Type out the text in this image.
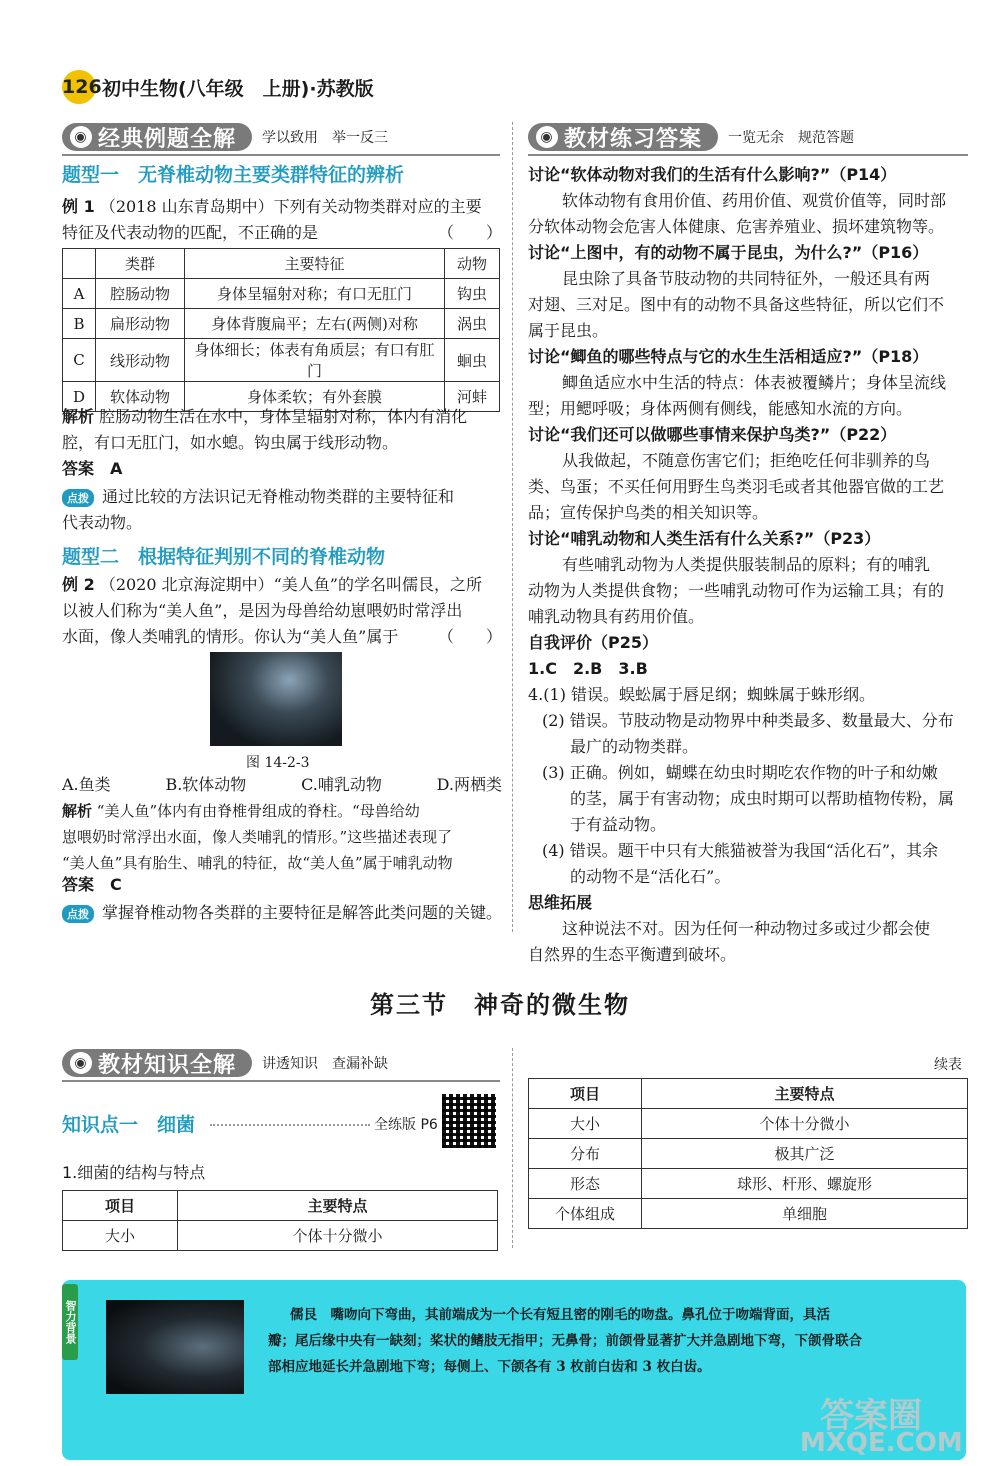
126 初中生物(八年级　上册)·苏教版
◉ 经典例题全解 学以致用　举一反三
题型一　无脊椎动物主要类群特征的辨析
例 1 （2018 山东青岛期中）下列有关动物类群对应的主要
特征及代表动物的匹配，不正确的是	（　　）
	类群	主要特征	动物
A	腔肠动物	身体呈辐射对称；有口无肛门	钩虫
B	扁形动物	身体背腹扁平；左右(两侧)对称	涡虫
C	线形动物	身体细长；体表有角质层；有口有肛门	蛔虫
D	软体动物	身体柔软；有外套膜	河蚌
解析 腔肠动物生活在水中，身体呈辐射对称，体内有消化
腔，有口无肛门，如水螅。钩虫属于线形动物。
答案　 A
点拨 通过比较的方法识记无脊椎动物类群的主要特征和
代表动物。
题型二　根据特征判别不同的脊椎动物
例 2 （2020 北京海淀期中）“美人鱼”的学名叫儒艮，之所
以被人们称为“美人鱼”，是因为母兽给幼崽喂奶时常浮出
水面，像人类哺乳的情形。你认为“美人鱼”属于 （　　）
图 14-2-3
A.鱼类	B.软体动物	C.哺乳动物	D.两栖类
解析 “美人鱼”体内有由脊椎骨组成的脊柱。“母兽给幼
崽喂奶时常浮出水面，像人类哺乳的情形。”这些描述表现了
“美人鱼”具有胎生、哺乳的特征，故“美人鱼”属于哺乳动物
答案　 C
点拨 掌握脊椎动物各类群的主要特征是解答此类问题的关键。
◉ 教材练习答案 一览无余　规范答题
讨论“软体动物对我们的生活有什么影响?”（P14）
软体动物有食用价值、药用价值、观赏价值等，同时部
分软体动物会危害人体健康、危害养殖业、损坏建筑物等。
讨论“上图中，有的动物不属于昆虫，为什么?”（P16）
昆虫除了具备节肢动物的共同特征外，一般还具有两
对翅、三对足。图中有的动物不具备这些特征，所以它们不
属于昆虫。
讨论“鲫鱼的哪些特点与它的水生生活相适应?”（P18）
鲫鱼适应水中生活的特点：体表被覆鳞片；身体呈流线
型；用鳃呼吸；身体两侧有侧线，能感知水流的方向。
讨论“我们还可以做哪些事情来保护鸟类?”（P22）
从我做起，不随意伤害它们；拒绝吃任何非驯养的鸟
类、鸟蛋；不买任何用野生鸟类羽毛或者其他器官做的工艺
品；宣传保护鸟类的相关知识等。
讨论“哺乳动物和人类生活有什么关系?”（P23）
有些哺乳动物为人类提供服装制品的原料；有的哺乳
动物为人类提供食物；一些哺乳动物可作为运输工具；有的
哺乳动物具有药用价值。
自我评价（P25）
1.C　2.B　3.B
4.(1) 错误。蜈蚣属于唇足纲；蜘蛛属于蛛形纲。
(2) 错误。节肢动物是动物界中种类最多、数量最大、分布
最广的动物类群。
(3) 正确。例如，蝴蝶在幼虫时期吃农作物的叶子和幼嫩
的茎，属于有害动物；成虫时期可以帮助植物传粉，属
于有益动物。
(4) 错误。题干中只有大熊猫被誉为我国“活化石”，其余
的动物不是“活化石”。
思维拓展
这种说法不对。因为任何一种动物过多或过少都会使
自然界的生态平衡遭到破坏。
第三节　神奇的微生物
◉ 教材知识全解 讲透知识　查漏补缺
知识点一　细菌	全练版 P6
1.细菌的结构与特点
项目	主要特点
大小	个体十分微小
续表
项目	主要特点
大小	个体十分微小
分布	极其广泛
形态	球形、杆形、螺旋形
个体组成	单细胞
智力背景	儒艮　 嘴吻向下弯曲，其前端成为一个长有短且密的刚毛的吻盘。鼻孔位于吻端背面，具活
瓣；尾后缘中央有一缺刻；桨状的鳍肢无指甲；无鼻骨；前颌骨显著扩大并急剧地下弯，下颌骨联合
部相应地延长并急剧地下弯；每侧上、下颌各有 3 枚前白齿和 3 枚白齿。
答案圈
MXQE.COM
